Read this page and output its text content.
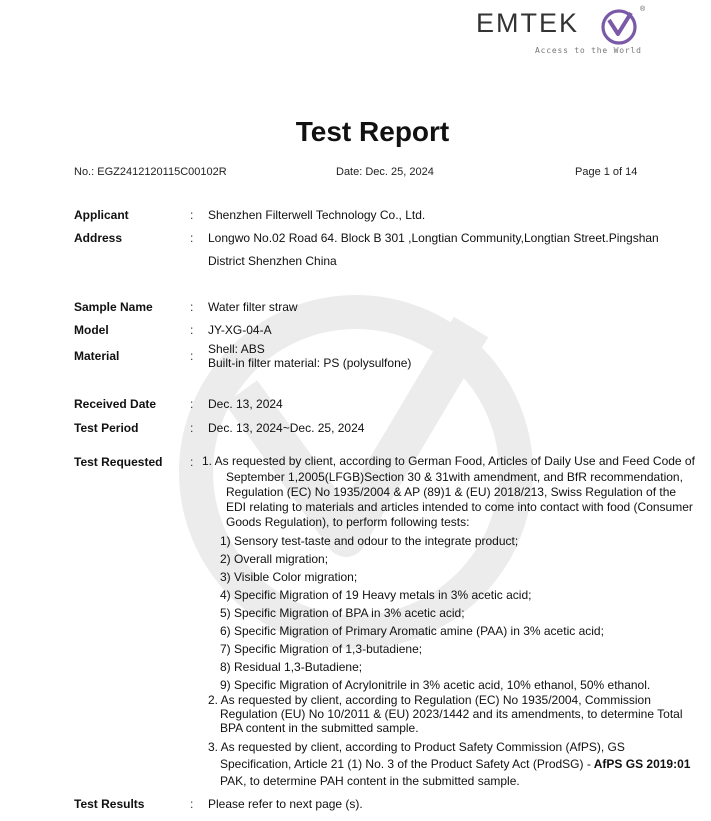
EMTEK	®
Access to the World
Test Report
No.: EGZ2412120115C00102R	Date: Dec. 25, 2024	Page 1 of 14
Applicant	: Shenzhen Filterwell Technology Co., Ltd.
Address	: Longwo No.02 Road 64. Block B 301 ,Longtian Community,Longtian Street.Pingshan
District Shenzhen China
Sample Name	: Water filter straw
Model	: JY-XG-04-A
Material	: Shell: ABS
Built-in filter material: PS (polysulfone)
Received Date	: Dec. 13, 2024
Test Period	: Dec. 13, 2024~Dec. 25, 2024
Test Requested : 1. As requested by client, according to German Food, Articles of Daily Use and Feed Code of
September 1,2005(LFGB)Section 30 & 31with amendment, and BfR recommendation,
Regulation (EC) No 1935/2004 & AP (89)1 & (EU) 2018/213, Swiss Regulation of the
EDI relating to materials and articles intended to come into contact with food (Consumer
Goods Regulation), to perform following tests:
1) Sensory test-taste and odour to the integrate product;
2) Overall migration;
3) Visible Color migration;
4) Specific Migration of 19 Heavy metals in 3% acetic acid;
5) Specific Migration of BPA in 3% acetic acid;
6) Specific Migration of Primary Aromatic amine (PAA) in 3% acetic acid;
7) Specific Migration of 1,3-butadiene;
8) Residual 1,3-Butadiene;
9) Specific Migration of Acrylonitrile in 3% acetic acid, 10% ethanol, 50% ethanol.
2. As requested by client, according to Regulation (EC) No 1935/2004, Commission
Regulation (EU) No 10/2011 & (EU) 2023/1442 and its amendments, to determine Total
BPA content in the submitted sample.
3. As requested by client, according to Product Safety Commission (AfPS), GS
Specification, Article 21 (1) No. 3 of the Product Safety Act (ProdSG) - AfPS GS 2019:01
PAK, to determine PAH content in the submitted sample.
Test Results	: Please refer to next page (s).
